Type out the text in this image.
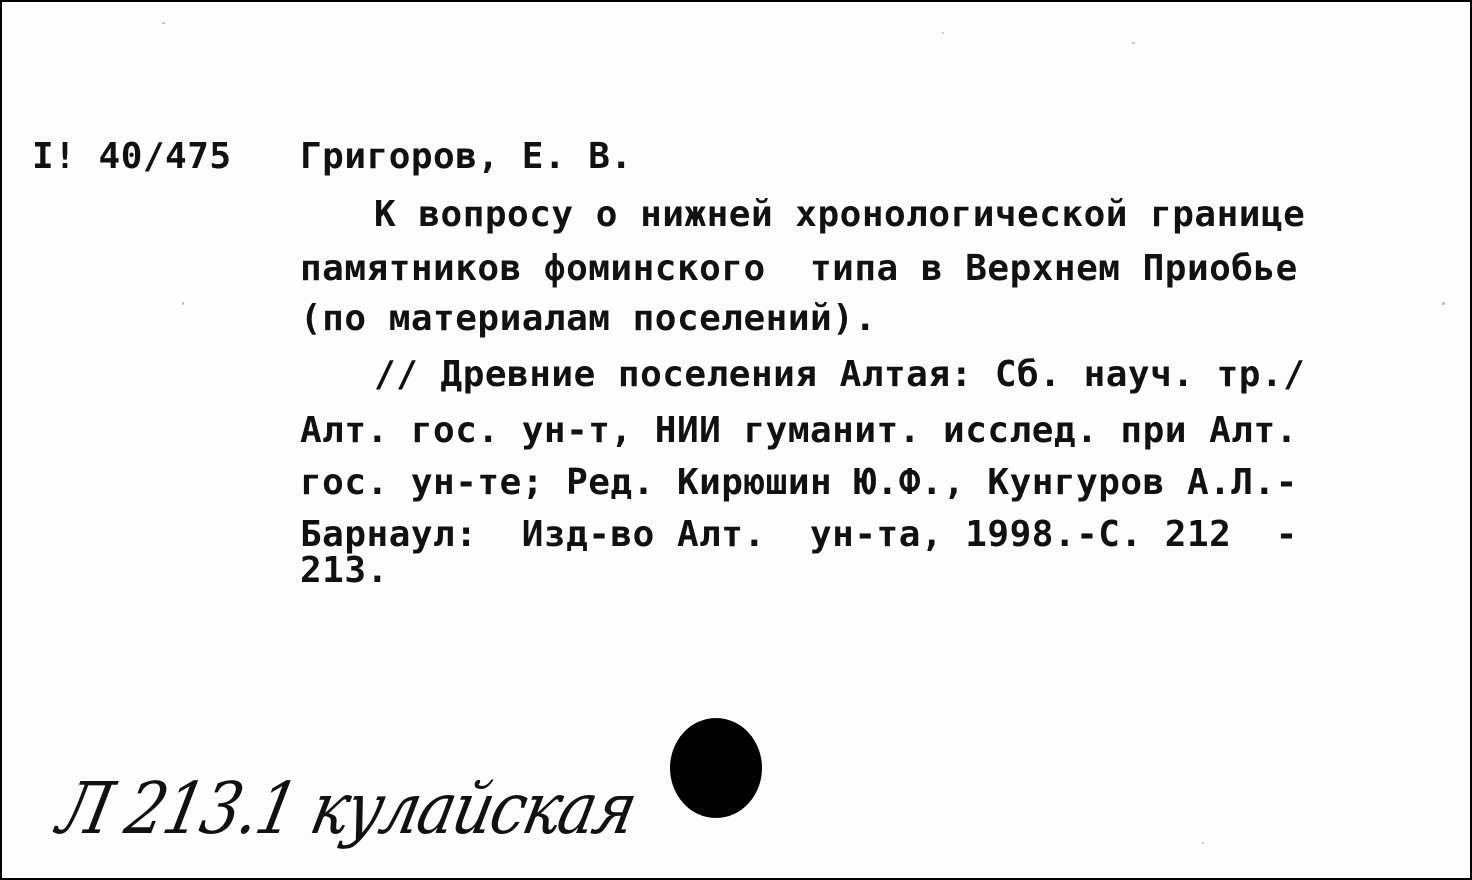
I! 40/475 Григоров, Е. В.
К вопросу о нижней хронологической границе
памятников фоминского  типа в Верхнем Приобье
(по материалам поселений).
// Древние поселения Алтая: Сб. науч. тр./
Алт. гос. ун-т, НИИ гуманит. исслед. при Алт.
гос. ун-те; Ред. Кирюшин Ю.Ф., Кунгуров А.Л.-
Барнаул:  Изд-во Алт.  ун-та, 1998.-С. 212  -
213.
Л 213.1 кулайская
